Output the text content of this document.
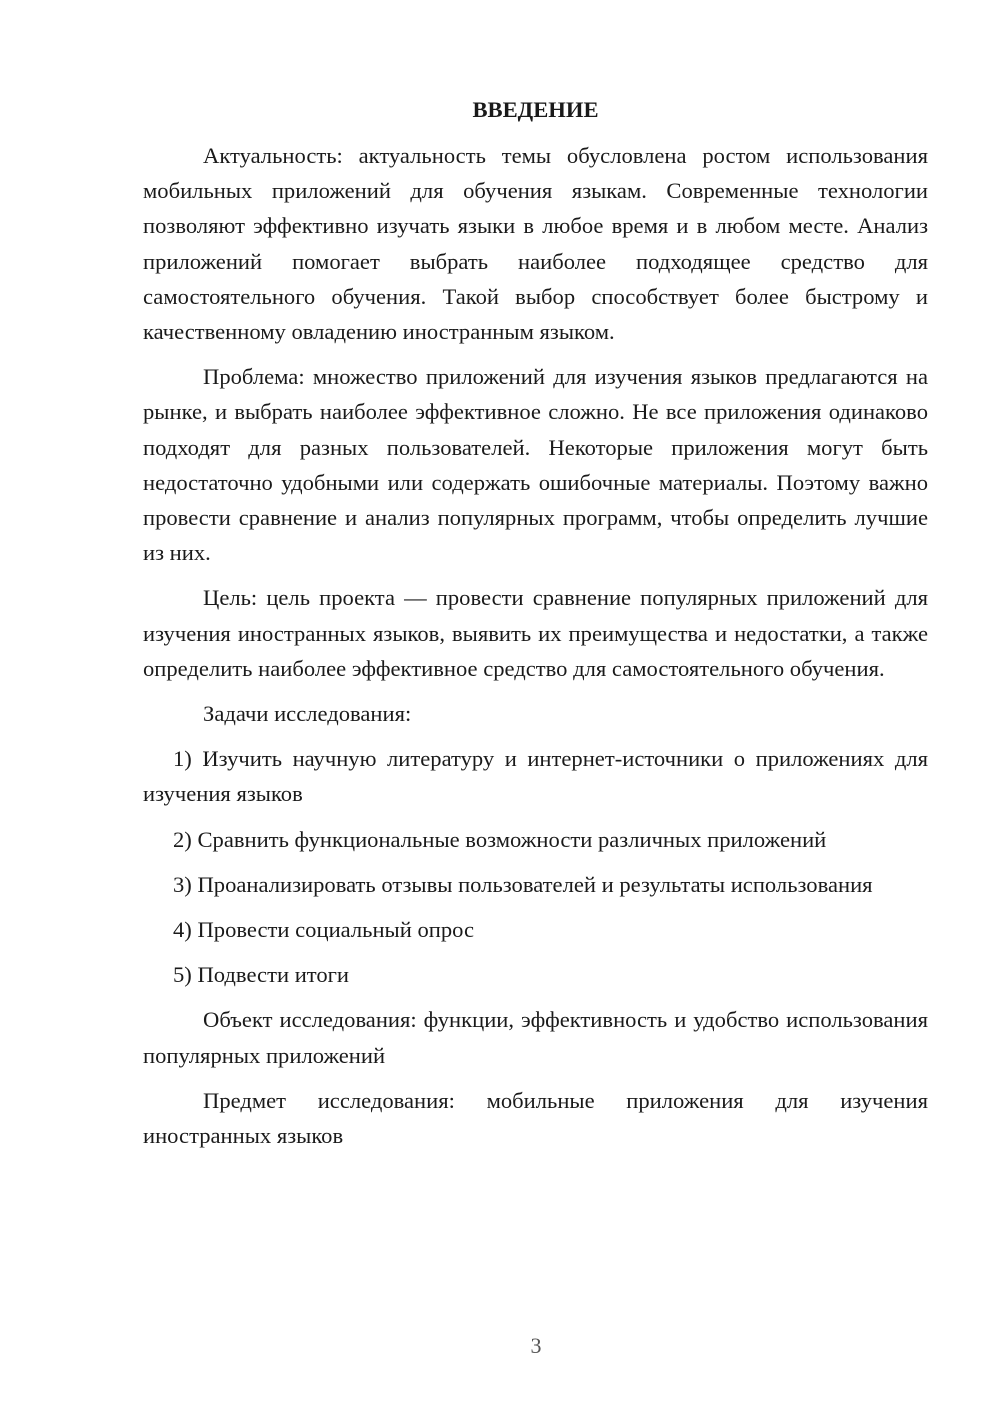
ВВЕДЕНИЕ

Актуальность: актуальность темы обусловлена ростом использования мобильных приложений для обучения языкам. Современные технологии позволяют эффективно изучать языки в любое время и в любом месте. Анализ приложений помогает выбрать наиболее подходящее средство для самостоятельного обучения. Такой выбор способствует более быстрому и качественному овладению иностранным языком.

Проблема: множество приложений для изучения языков предлагаются на рынке, и выбрать наиболее эффективное сложно. Не все приложения одинаково подходят для разных пользователей. Некоторые приложения могут быть недостаточно удобными или содержать ошибочные материалы. Поэтому важно провести сравнение и анализ популярных программ, чтобы определить лучшие из них.

Цель: цель проекта — провести сравнение популярных приложений для изучения иностранных языков, выявить их преимущества и недостатки, а также определить наиболее эффективное средство для самостоятельного обучения.

Задачи исследования:

1) Изучить научную литературу и интернет-источники о приложениях для изучения языков

2) Сравнить функциональные возможности различных приложений

3) Проанализировать отзывы пользователей и результаты использования

4) Провести социальный опрос

5) Подвести итоги

Объект исследования: функции, эффективность и удобство использования популярных приложений

Предмет исследования: мобильные приложения для изучения иностранных языков

3
